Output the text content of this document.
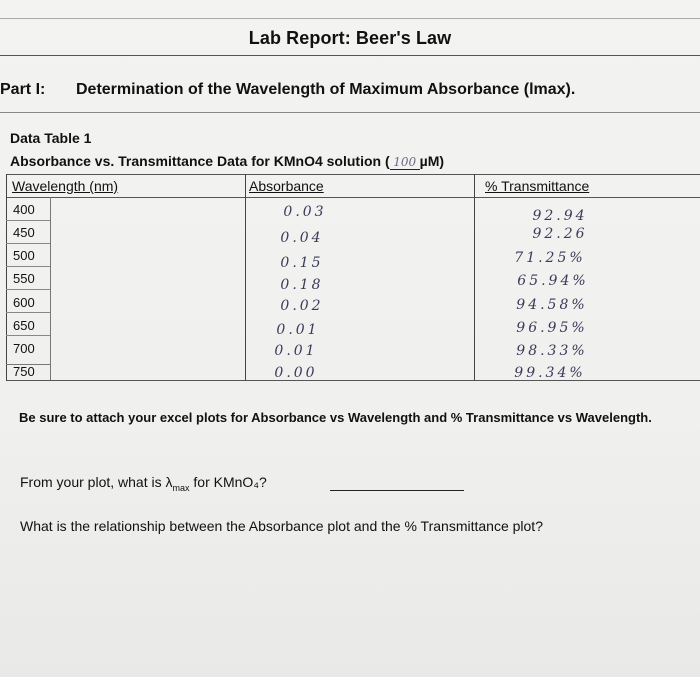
Lab Report: Beer's Law
Part I: Determination of the Wavelength of Maximum Absorbance (lmax).
Data Table 1
Absorbance vs. Transmittance Data for KMnO4 solution ( 100 µM)
Wavelength (nm)	Absorbance	% Transmittance
400	0.03	92.94
450	0.04	92.26
500	0.15	71.25%
550	0.18	65.94%
600	0.02	94.58%
650	0.01	96.95%
700	0.01	98.33%
750	0.00	99.34%
Be sure to attach your excel plots for Absorbance vs Wavelength and % Transmittance vs Wavelength.
From your plot, what is $\lambda_{max}$ for KMnO₄?
What is the relationship between the Absorbance plot and the % Transmittance plot?
